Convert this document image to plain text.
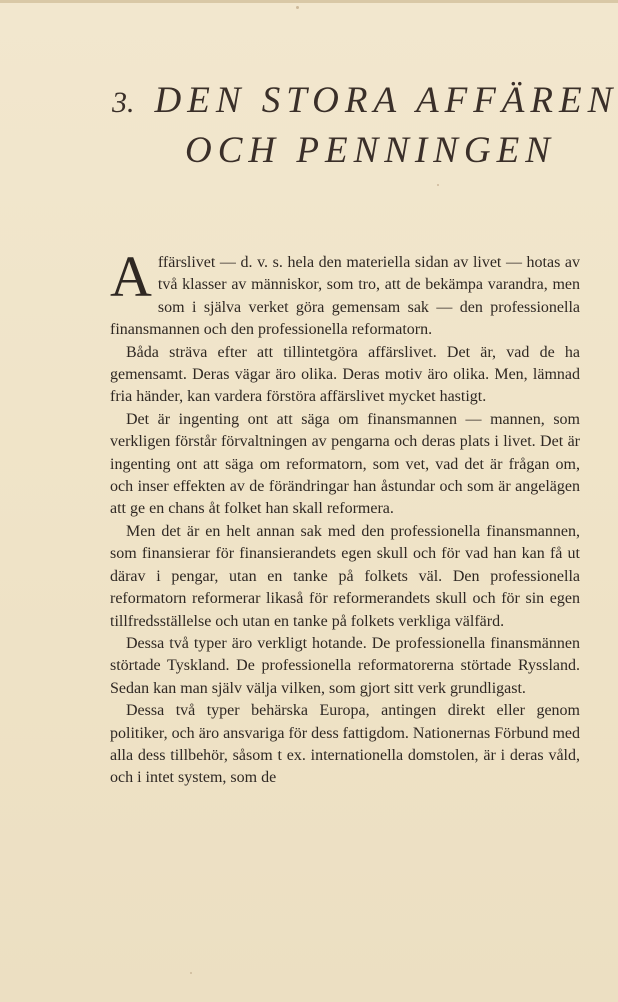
3. DEN STORA AFFÄREN
OCH PENNINGEN

Affärslivet — d. v. s. hela den materiella sidan av livet — hotas av två klasser av människor, som tro, att de bekämpa varandra, men som i själva verket göra gemensam sak — den professionella finansmannen och den professionella reformatorn.

Båda sträva efter att tillintetgöra affärslivet. Det är, vad de ha gemensamt. Deras vägar äro olika. Deras motiv äro olika. Men, lämnad fria händer, kan vardera förstöra affärslivet mycket hastigt.

Det är ingenting ont att säga om finansmannen — mannen, som verkligen förstår förvaltningen av pengarna och deras plats i livet. Det är ingenting ont att säga om reformatorn, som vet, vad det är frågan om, och inser effekten av de förändringar han åstundar och som är angelägen att ge en chans åt folket han skall reformera.

Men det är en helt annan sak med den professionella finansmannen, som finansierar för finansierandets egen skull och för vad han kan få ut därav i pengar, utan en tanke på folkets väl. Den professionella reformatorn reformerar likaså för reformerandets skull och för sin egen tillfredsställelse och utan en tanke på folkets verkliga välfärd.

Dessa två typer äro verkligt hotande. De professionella finansmännen störtade Tyskland. De professionella reformatorerna störtade Ryssland. Sedan kan man själv välja vilken, som gjort sitt verk grundligast.

Dessa två typer behärska Europa, antingen direkt eller genom politiker, och äro ansvariga för dess fattigdom. Nationernas Förbund med alla dess tillbehör, såsom t ex. internationella domstolen, är i deras våld, och i intet system, som de
